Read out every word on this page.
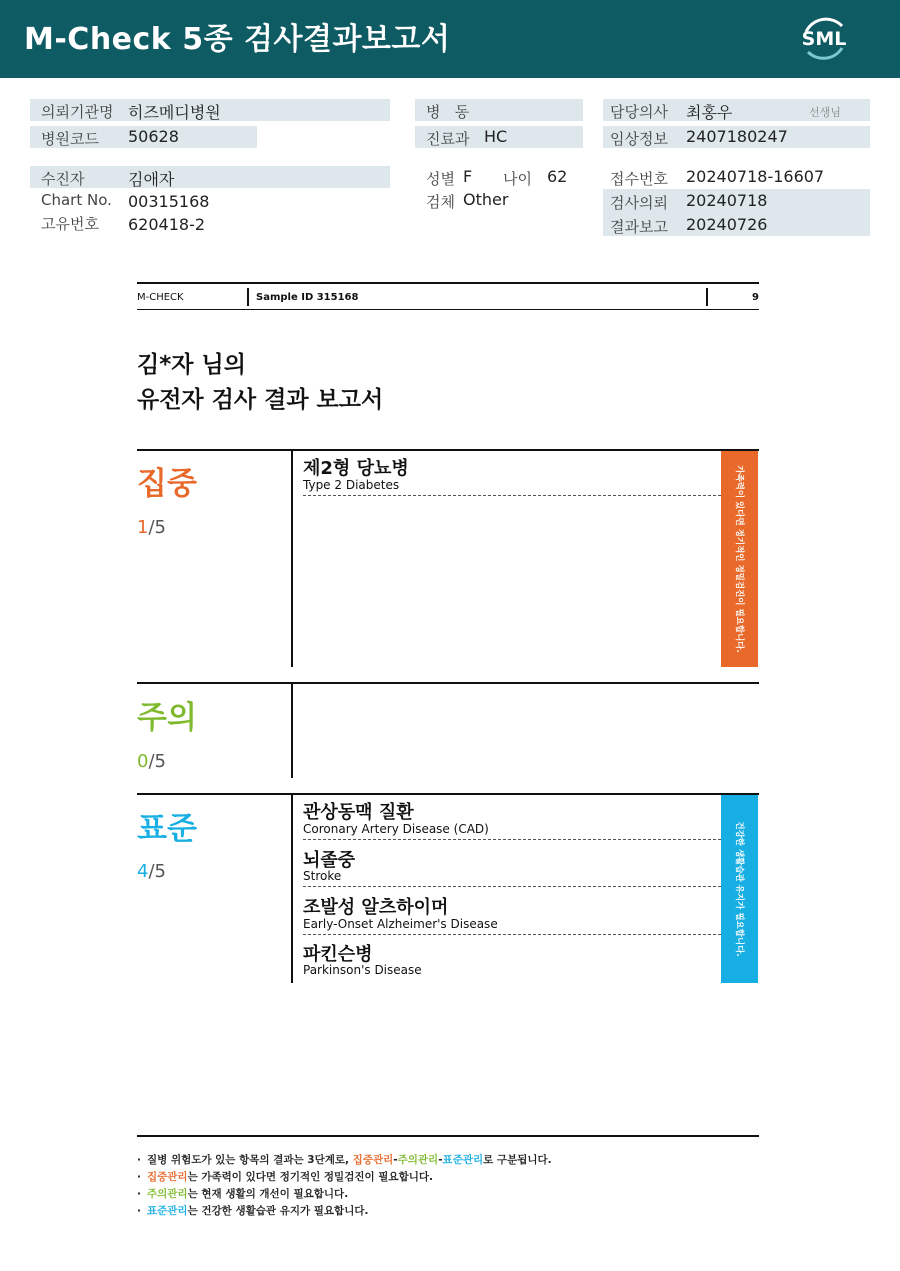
M-Check 5종 검사결과보고서	SML
의뢰기관명 히즈메디병원
병원코드 50628
수진자	김애자
Chart No. 00315168
고유번호 620418-2
병   동
진료과 HC
성별 F 나이 62
검체 Other
담당의사 최홍우	선생님
임상정보 2407180247
접수번호 20240718-16607
검사의뢰 20240718
결과보고 20240726
M-CHECK	Sample ID 315168	9
김*자 님의
유전자 검사 결과 보고서
집중
1/5
제2형 당뇨병
Type 2 Diabetes	가족력이 있다면 정기적인 정밀검진이 필요합니다.
주의
0/5
표준
4/5
관상동맥 질환
Coronary Artery Disease (CAD)
뇌졸중
Stroke
조발성 알츠하이머
Early-Onset Alzheimer's Disease
파킨슨병
Parkinson's Disease
건강한 생활습관 유지가 필요합니다.
· 질병 위험도가 있는 항목의 결과는 3단계로, 집중관리-주의관리-표준관리로 구분됩니다.
· 집중관리는 가족력이 있다면 정기적인 정밀검진이 필요합니다.
· 주의관리는 현재 생활의 개선이 필요합니다.
· 표준관리는 건강한 생활습관 유지가 필요합니다.
